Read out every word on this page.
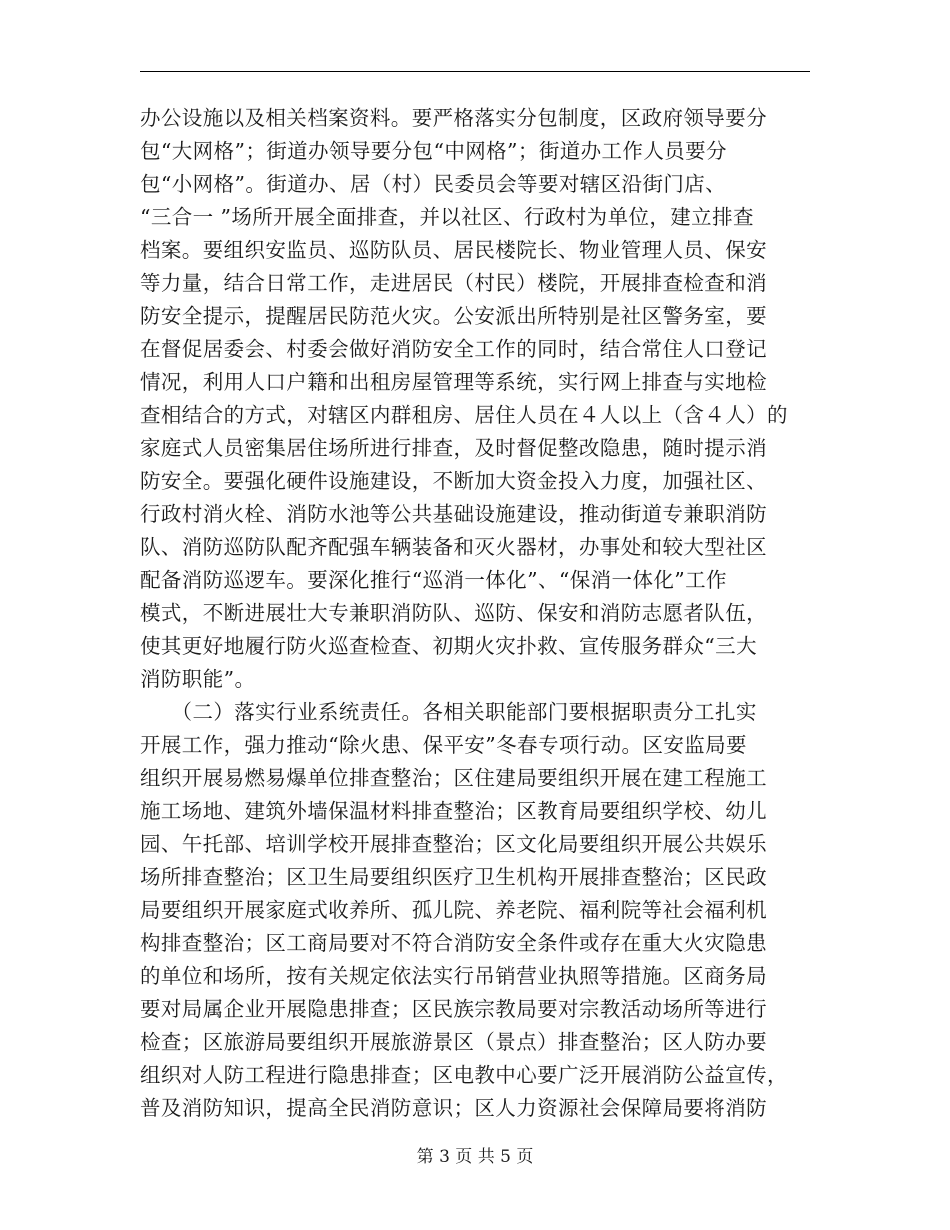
办公设施以及相关档案资料。要严格落实分包制度，区政府领导要分
包“大网格”；街道办领导要分包“中网格”；街道办工作人员要分
包“小网格”。街道办、居（村）民委员会等要对辖区沿街门店、
“三合一 ”场所开展全面排查，并以社区、行政村为单位，建立排查
档案。要组织安监员、巡防队员、居民楼院长、物业管理人员、保安
等力量，结合日常工作，走进居民（村民）楼院，开展排查检查和消
防安全提示，提醒居民防范火灾。公安派出所特别是社区警务室，要
在督促居委会、村委会做好消防安全工作的同时，结合常住人口登记
情况，利用人口户籍和出租房屋管理等系统，实行网上排查与实地检
查相结合的方式，对辖区内群租房、居住人员在４人以上（含４人）的
家庭式人员密集居住场所进行排查，及时督促整改隐患，随时提示消
防安全。要强化硬件设施建设，不断加大资金投入力度，加强社区、
行政村消火栓、消防水池等公共基础设施建设，推动街道专兼职消防
队、消防巡防队配齐配强车辆装备和灭火器材，办事处和较大型社区
配备消防巡逻车。要深化推行“巡消一体化”、“保消一体化”工作
模式，不断进展壮大专兼职消防队、巡防、保安和消防志愿者队伍，
使其更好地履行防火巡查检查、初期火灾扑救、宣传服务群众“三大
消防职能”。
　　（二）落实行业系统责任。各相关职能部门要根据职责分工扎实
开展工作，强力推动“除火患、保平安”冬春专项行动。区安监局要
组织开展易燃易爆单位排查整治；区住建局要组织开展在建工程施工
施工场地、建筑外墙保温材料排查整治；区教育局要组织学校、幼儿
园、午托部、培训学校开展排查整治；区文化局要组织开展公共娱乐
场所排查整治；区卫生局要组织医疗卫生机构开展排查整治；区民政
局要组织开展家庭式收养所、孤儿院、养老院、福利院等社会福利机
构排查整治；区工商局要对不符合消防安全条件或存在重大火灾隐患
的单位和场所，按有关规定依法实行吊销营业执照等措施。区商务局
要对局属企业开展隐患排查；区民族宗教局要对宗教活动场所等进行
检查；区旅游局要组织开展旅游景区（景点）排查整治；区人防办要
组织对人防工程进行隐患排查；区电教中心要广泛开展消防公益宣传，
普及消防知识，提高全民消防意识；区人力资源社会保障局要将消防
第 3 页 共 5 页
